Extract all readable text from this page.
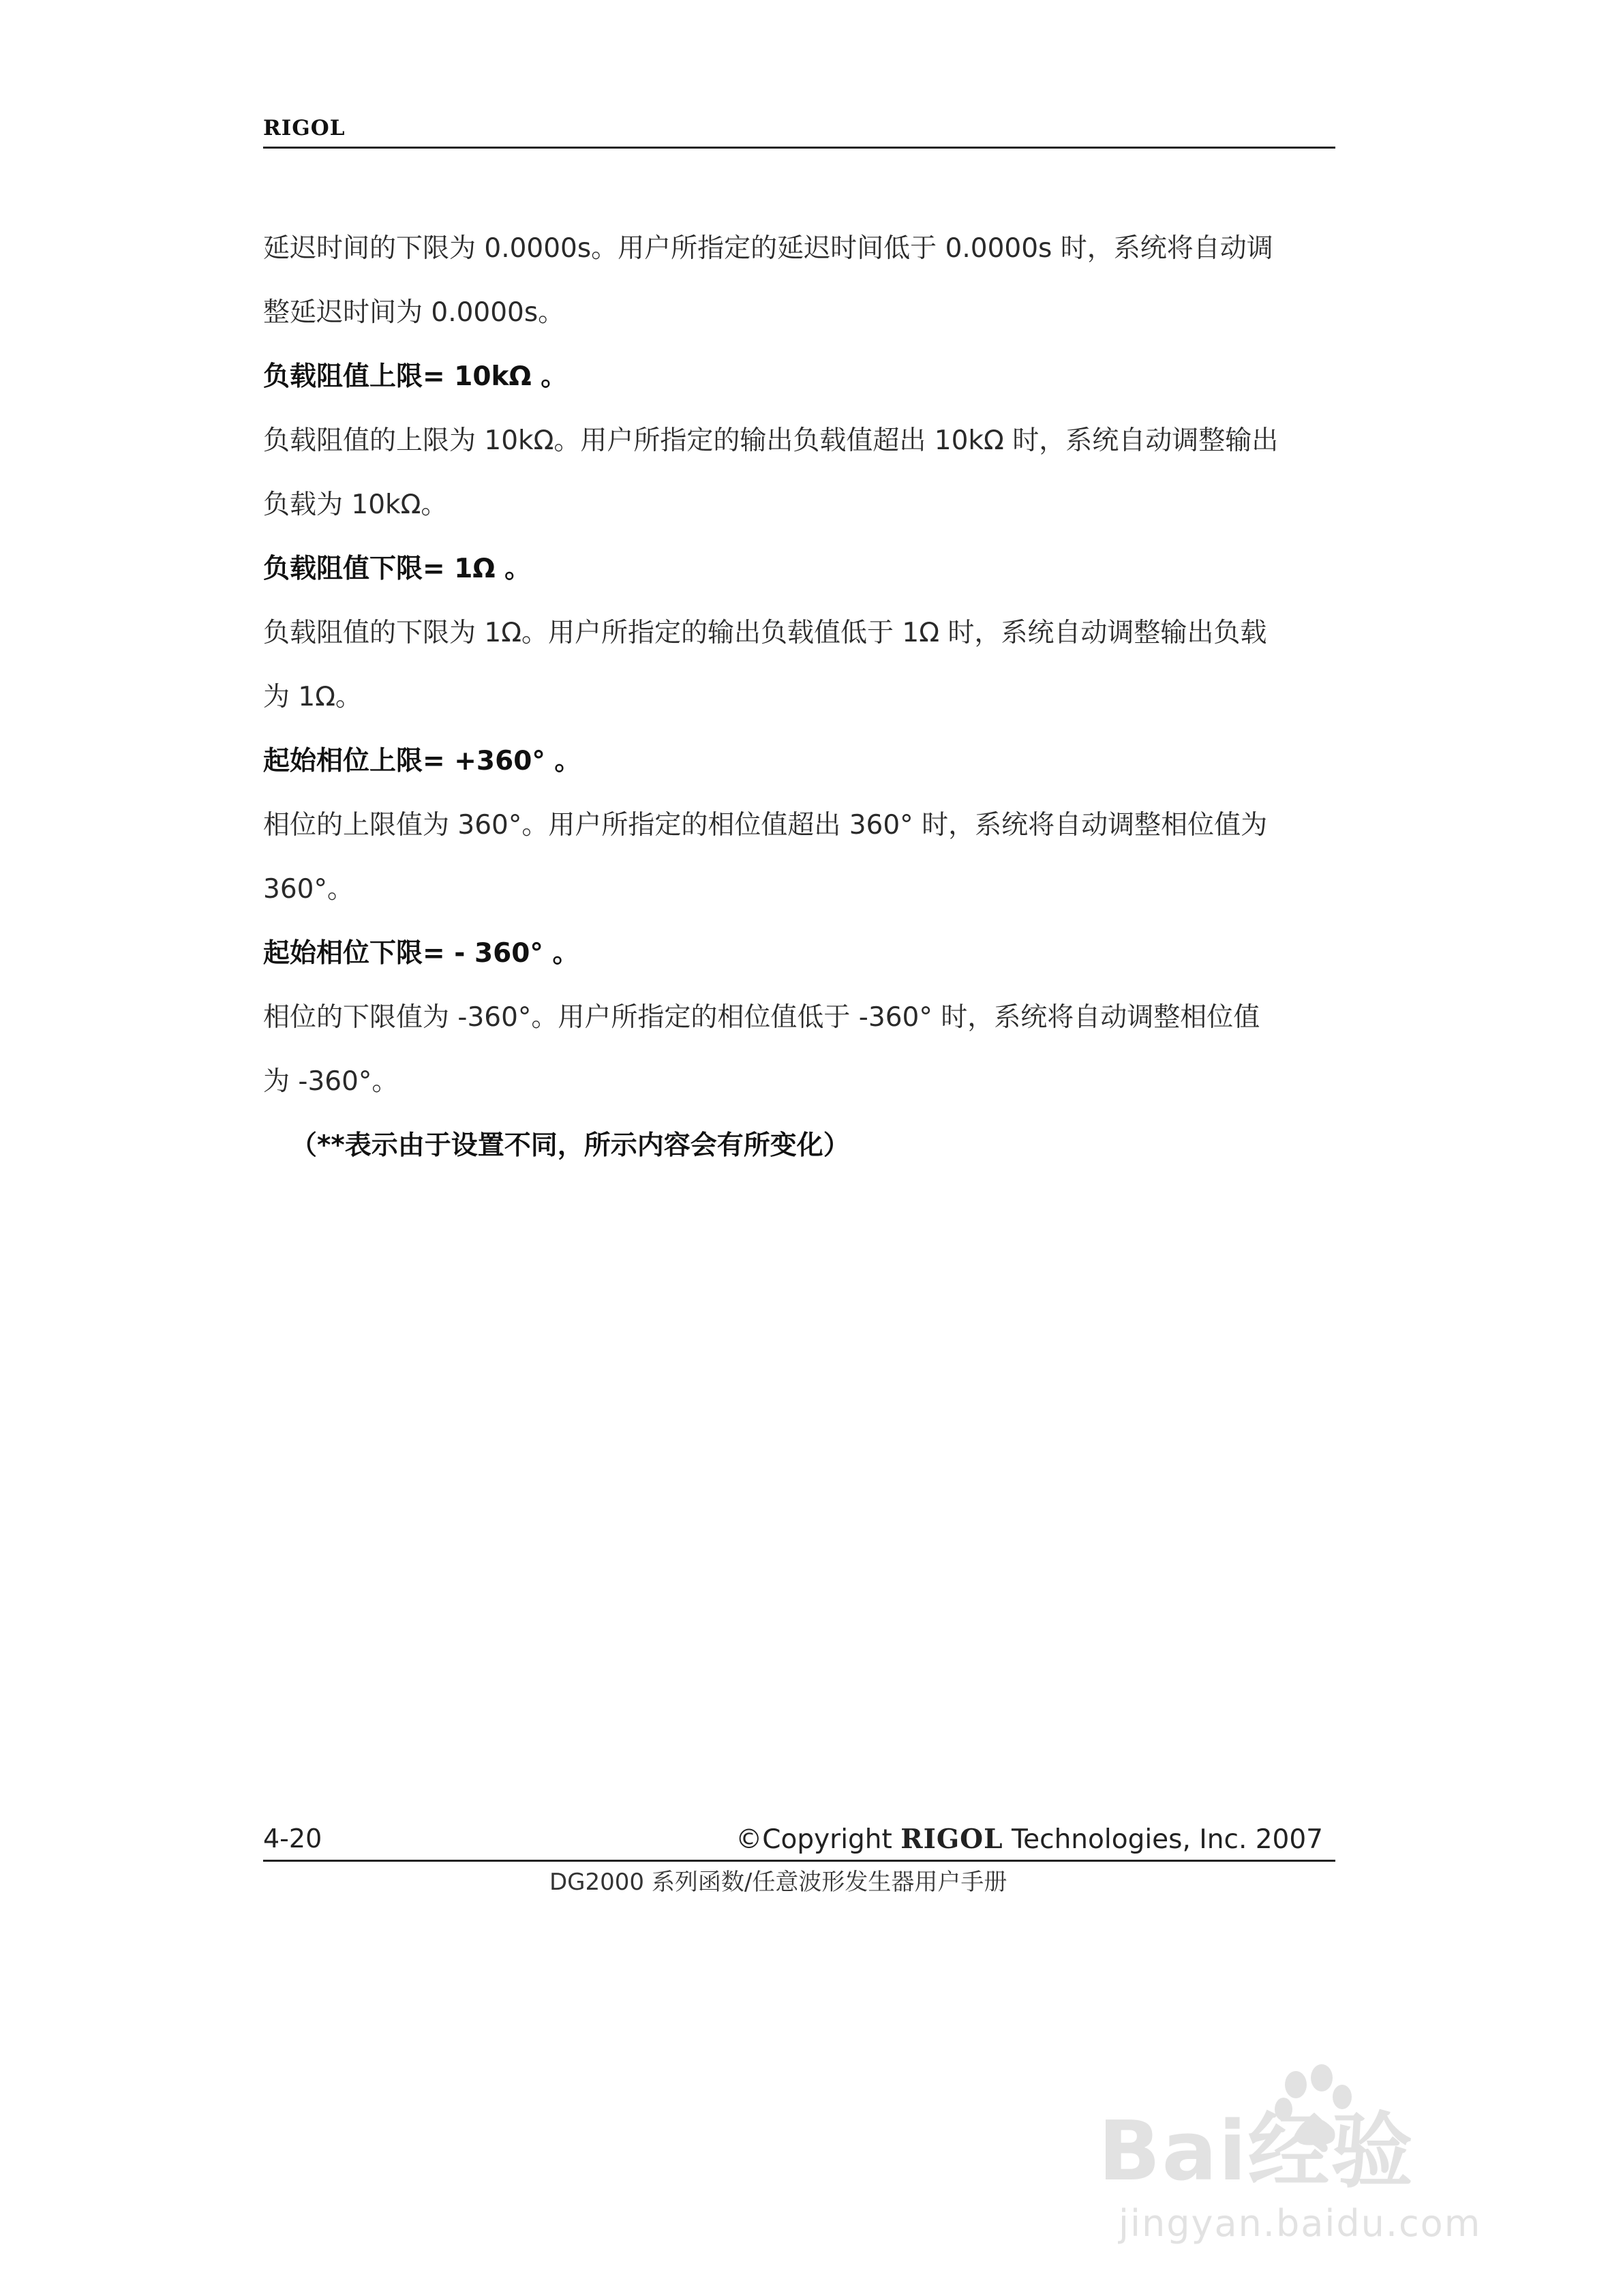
RIGOL

延迟时间的下限为 0.0000s。用户所指定的延迟时间低于 0.0000s 时，系统将自动调

整延迟时间为 0.0000s。

负载阻值上限= 10kΩ 。

负载阻值的上限为 10kΩ。用户所指定的输出负载值超出 10kΩ 时，系统自动调整输出

负载为 10kΩ。

负载阻值下限= 1Ω 。

负载阻值的下限为 1Ω。用户所指定的输出负载值低于 1Ω 时，系统自动调整输出负载

为 1Ω。

起始相位上限= +360° 。

相位的上限值为 360°。用户所指定的相位值超出 360° 时，系统将自动调整相位值为

360°。

起始相位下限= - 360° 。

相位的下限值为 -360°。用户所指定的相位值低于 -360° 时，系统将自动调整相位值

为 -360°。

（**表示由于设置不同，所示内容会有所变化）

4-20	©Copyright RIGOL Technologies, Inc. 2007
DG2000 系列函数/任意波形发生器用户手册
Bai经验
jingyan.baidu.com
